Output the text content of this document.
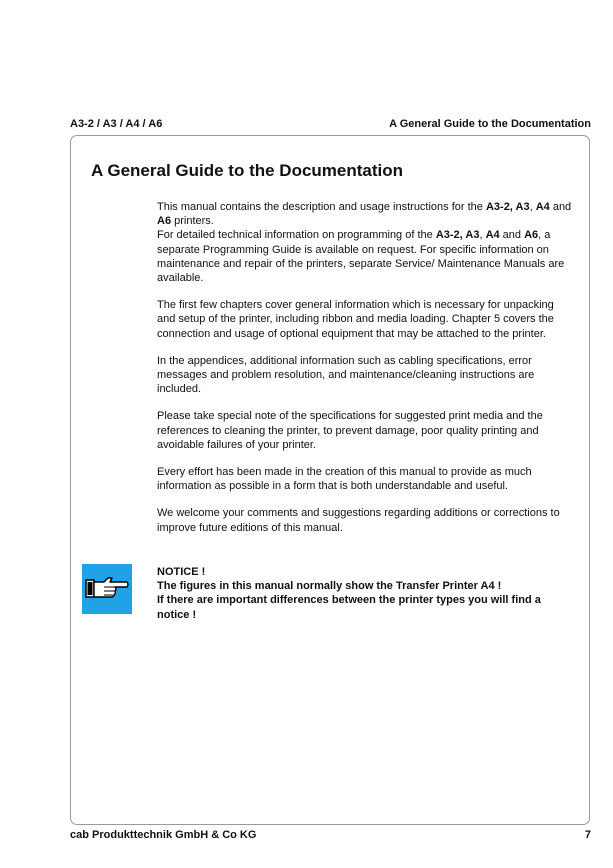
A3-2 / A3 / A4 / A6	A General Guide to the Documentation
A General Guide to the Documentation

This manual contains the description and usage instructions for the A3-2, A3, A4 and A6 printers.
For detailed technical information on programming of the A3-2, A3, A4 and A6, a separate Programming Guide is available on request. For specific information on maintenance and repair of the printers, separate Service/ Maintenance Manuals are available.

The first few chapters cover general information which is necessary for unpacking and setup of the printer, including ribbon and media loading. Chapter 5 covers the connection and usage of optional equipment that may be attached to the printer.

In the appendices, additional information such as cabling specifications, error messages and problem resolution, and maintenance/cleaning instructions are included.

Please take special note of the specifications for suggested print media and the references to cleaning the printer, to prevent damage, poor quality printing and avoidable failures of your printer.

Every effort has been made in the creation of this manual to provide as much information as possible in a form that is both understandable and useful.

We welcome your comments and suggestions regarding additions or corrections to improve future editions of this manual.

NOTICE !

The figures in this manual normally show the Transfer Printer A4 !

If there are important differences between the printer types you will find a notice !

cab Produkttechnik GmbH & Co KG	7
